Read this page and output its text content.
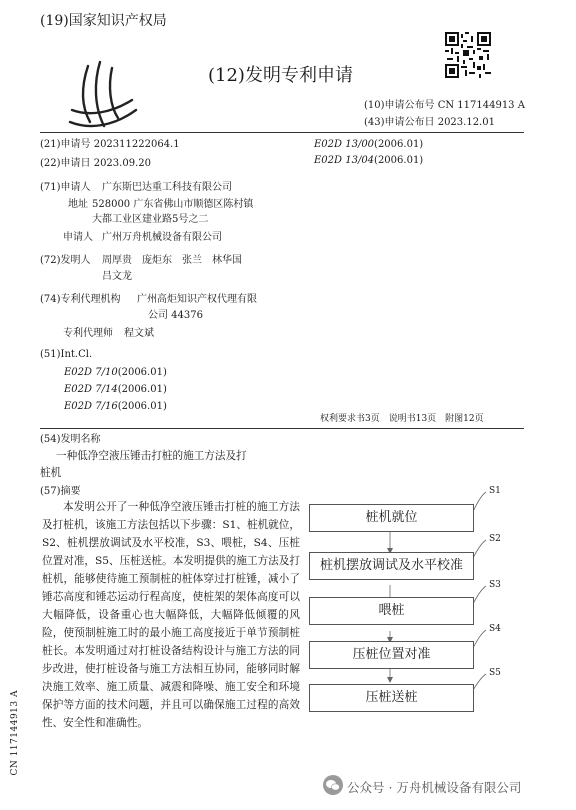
(19)国家知识产权局
(12)发明专利申请
(10)申请公布号 CN 117144913 A
(43)申请公布日 2023.12.01
(21)申请号 202311222064.1
(22)申请日 2023.09.20
(71)申请人 广东斯巴达重工科技有限公司
地址 528000 广东省佛山市顺德区陈村镇
大都工业区建业路5号之二
申请人 广州万舟机械设备有限公司
(72)发明人 周厚贵　庞炬东　张兰　林华国
吕文龙
(74)专利代理机构 广州高炬知识产权代理有限
公司 44376
专利代理师 程文斌
(51)Int.Cl.
E02D 7/10(2006.01)
E02D 7/14(2006.01)
E02D 7/16(2006.01)
E02D 13/00(2006.01)
E02D 13/04(2006.01)
权利要求书3页　说明书13页　附图12页
(54)发明名称
一种低净空液压锤击打桩的施工方法及打
桩机
(57)摘要
本发明公开了一种低净空液压锤击打桩的施工方法及打桩机，该施工方法包括以下步骤：S1、桩机就位，S2、桩机摆放调试及水平校准，S3、喂桩，S4、压桩位置对准，S5、压桩送桩。本发明提供的施工方法及打桩机，能够使待施工预制桩的桩体穿过打桩锤，减小了锤芯高度和锤芯运动行程高度，使桩架的架体高度可以大幅降低，设备重心也大幅降低，大幅降低倾覆的风险，使预制桩施工时的最小施工高度接近于单节预制桩桩长。本发明通过对打桩设备结构设计与施工方法的同步改进，使打桩设备与施工方法相互协同，能够同时解决施工效率、施工质量、减震和降噪、施工安全和环境保护等方面的技术问题，并且可以确保施工过程的高效性、安全性和准确性。
桩机就位
桩机摆放调试及水平校准
喂桩
压桩位置对准
压桩送桩
S1
S2
S3
S4
S5
CN 117144913 A
公众号 · 万舟机械设备有限公司
